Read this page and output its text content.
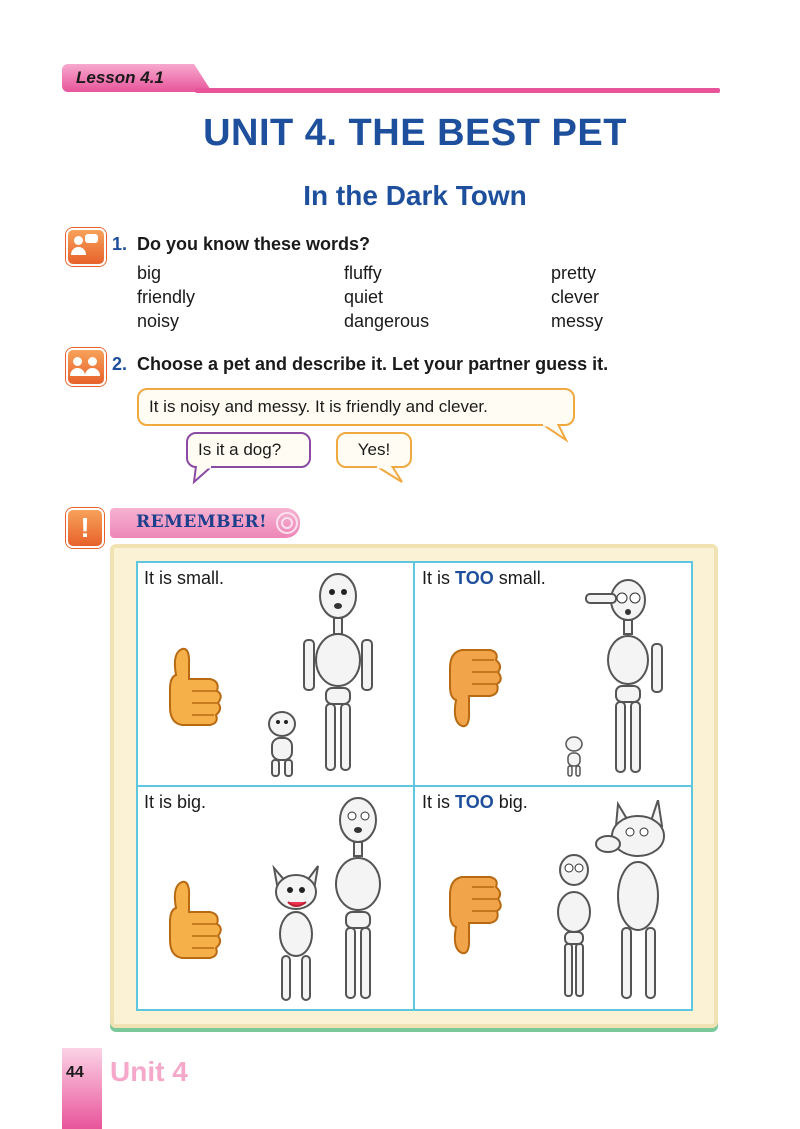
Lesson 4.1
UNIT 4. THE BEST PET
In the Dark Town
1. Do you know these words?
big	fluffy	pretty
friendly	quiet	clever
noisy	dangerous	messy
2. Choose a pet and describe it. Let your partner guess it.
It is noisy and messy. It is friendly and clever.
Is it a dog?	Yes!
!	REMEMBER!
It is small.	It is TOO small.
It is big.	It is TOO big.
44 Unit 4
